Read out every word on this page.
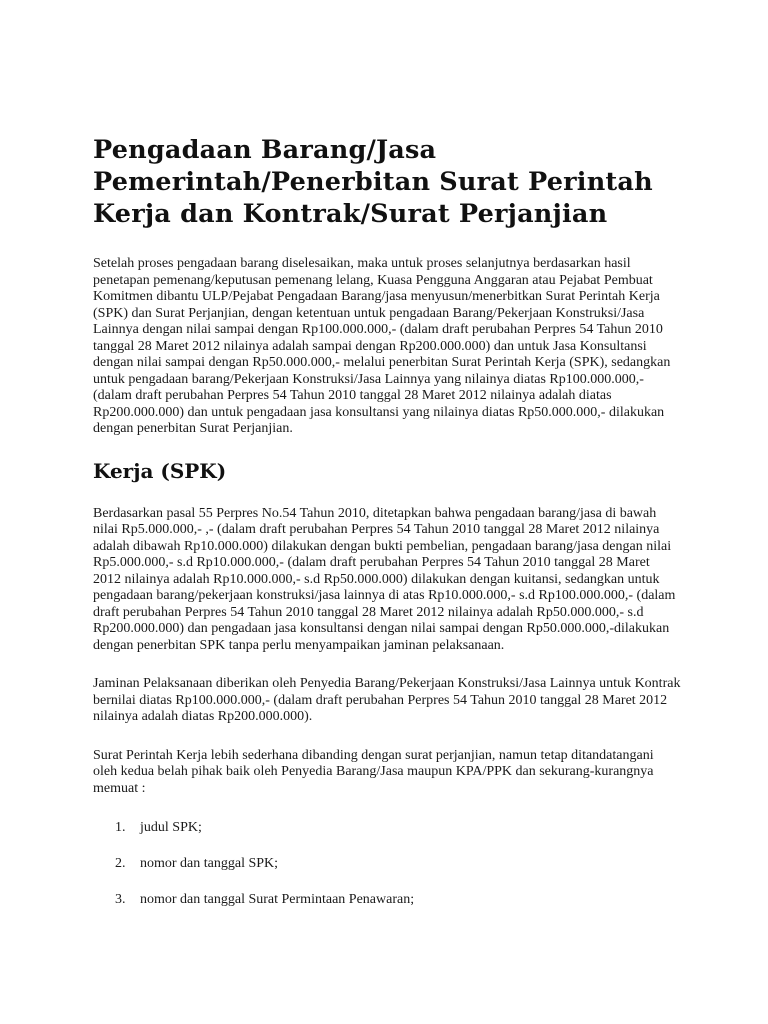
Pengadaan Barang/Jasa Pemerintah/Penerbitan Surat Perintah Kerja dan Kontrak/Surat Perjanjian

Setelah proses pengadaan barang diselesaikan, maka untuk proses selanjutnya berdasarkan hasil penetapan pemenang/keputusan pemenang lelang, Kuasa Pengguna Anggaran atau Pejabat Pembuat Komitmen dibantu ULP/Pejabat Pengadaan Barang/jasa menyusun/menerbitkan Surat Perintah Kerja (SPK) dan Surat Perjanjian, dengan ketentuan untuk pengadaan Barang/Pekerjaan Konstruksi/Jasa Lainnya dengan nilai sampai dengan Rp100.000.000,- (dalam draft perubahan Perpres 54 Tahun 2010 tanggal 28 Maret 2012 nilainya adalah sampai dengan Rp200.000.000) dan untuk Jasa Konsultansi dengan nilai sampai dengan Rp50.000.000,- melalui penerbitan Surat Perintah Kerja (SPK), sedangkan untuk pengadaan barang/Pekerjaan Konstruksi/Jasa Lainnya yang nilainya diatas Rp100.000.000,- (dalam draft perubahan Perpres 54 Tahun 2010 tanggal 28 Maret 2012 nilainya adalah diatas Rp200.000.000) dan untuk pengadaan jasa konsultansi yang nilainya diatas Rp50.000.000,- dilakukan dengan penerbitan Surat Perjanjian.

Kerja (SPK)

Berdasarkan pasal 55 Perpres No.54 Tahun 2010, ditetapkan bahwa pengadaan barang/jasa di bawah nilai Rp5.000.000,- ,- (dalam draft perubahan Perpres 54 Tahun 2010 tanggal 28 Maret 2012 nilainya adalah dibawah Rp10.000.000) dilakukan dengan bukti pembelian, pengadaan barang/jasa dengan nilai Rp5.000.000,- s.d Rp10.000.000,- (dalam draft perubahan Perpres 54 Tahun 2010 tanggal 28 Maret 2012 nilainya adalah Rp10.000.000,- s.d Rp50.000.000) dilakukan dengan kuitansi, sedangkan untuk pengadaan barang/pekerjaan konstruksi/jasa lainnya di atas Rp10.000.000,- s.d Rp100.000.000,- (dalam draft perubahan Perpres 54 Tahun 2010 tanggal 28 Maret 2012 nilainya adalah Rp50.000.000,- s.d Rp200.000.000) dan pengadaan jasa konsultansi dengan nilai sampai dengan Rp50.000.000,-dilakukan dengan penerbitan SPK tanpa perlu menyampaikan jaminan pelaksanaan.

Jaminan Pelaksanaan diberikan oleh Penyedia Barang/Pekerjaan Konstruksi/Jasa Lainnya untuk Kontrak bernilai diatas Rp100.000.000,- (dalam draft perubahan Perpres 54 Tahun 2010 tanggal 28 Maret 2012 nilainya adalah diatas Rp200.000.000).

Surat Perintah Kerja lebih sederhana dibanding dengan surat perjanjian, namun tetap ditandatangani oleh kedua belah pihak baik oleh Penyedia Barang/Jasa maupun KPA/PPK dan sekurang-kurangnya memuat :

1.	judul SPK;
2.	nomor dan tanggal SPK;
3.	nomor dan tanggal Surat Permintaan Penawaran;
